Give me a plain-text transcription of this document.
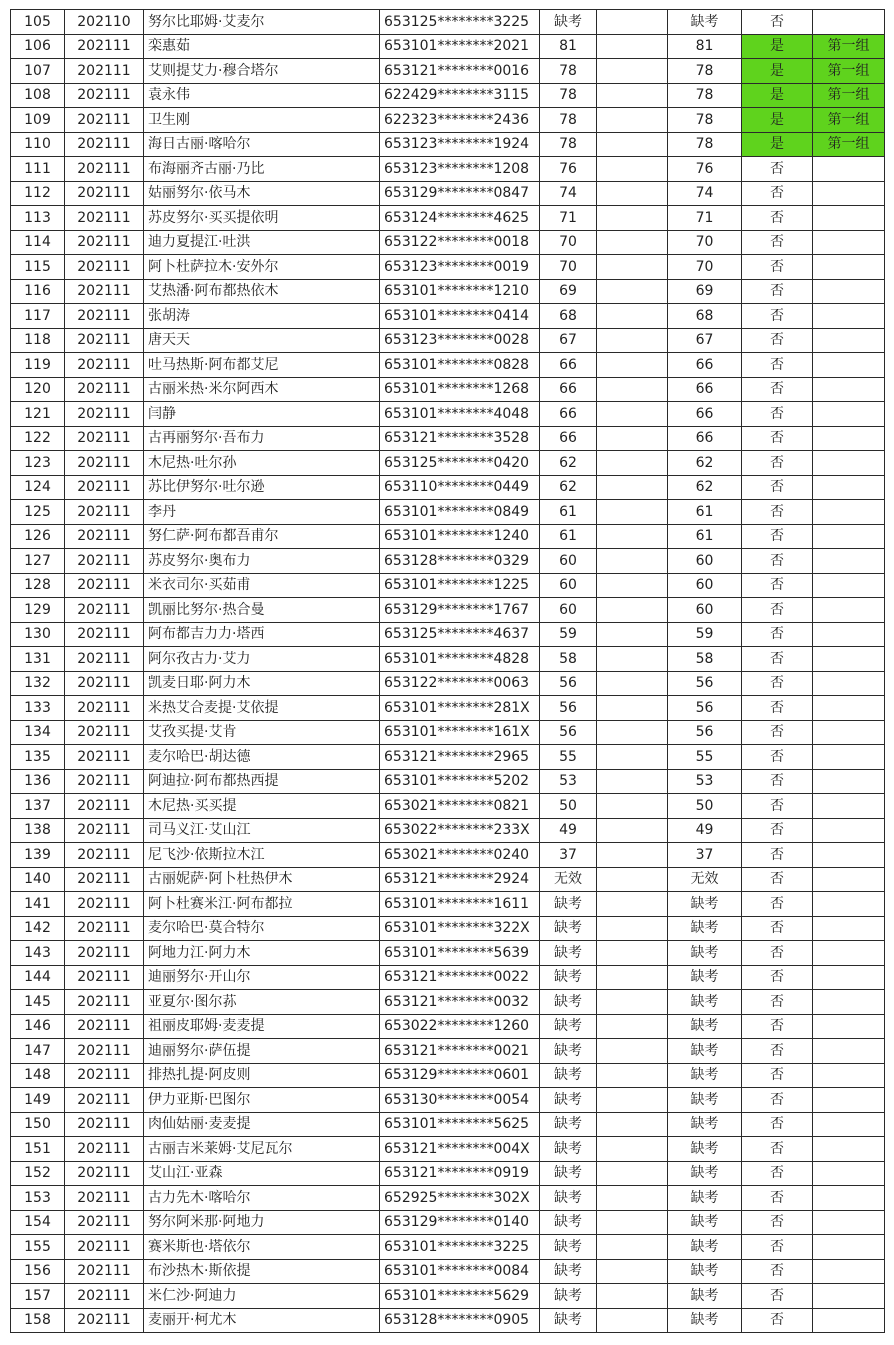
105	202110	努尔比耶姆·艾麦尔	653125********3225	缺考		缺考	否	
106	202111	栾惠茹	653101********2021	81		81	是	第一组
107	202111	艾则提艾力·穆合塔尔	653121********0016	78		78	是	第一组
108	202111	袁永伟	622429********3115	78		78	是	第一组
109	202111	卫生刚	622323********2436	78		78	是	第一组
110	202111	海日古丽·喀哈尔	653123********1924	78		78	是	第一组
111	202111	布海丽齐古丽·乃比	653123********1208	76		76	否	
112	202111	姑丽努尔·依马木	653129********0847	74		74	否	
113	202111	苏皮努尔·买买提依明	653124********4625	71		71	否	
114	202111	迪力夏提江·吐洪	653122********0018	70		70	否	
115	202111	阿卜杜萨拉木·安外尔	653123********0019	70		70	否	
116	202111	艾热潘·阿布都热依木	653101********1210	69		69	否	
117	202111	张胡涛	653101********0414	68		68	否	
118	202111	唐天天	653123********0028	67		67	否	
119	202111	吐马热斯·阿布都艾尼	653101********0828	66		66	否	
120	202111	古丽米热·米尔阿西木	653101********1268	66		66	否	
121	202111	闫静	653101********4048	66		66	否	
122	202111	古再丽努尔·吾布力	653121********3528	66		66	否	
123	202111	木尼热·吐尔孙	653125********0420	62		62	否	
124	202111	苏比伊努尔·吐尔逊	653110********0449	62		62	否	
125	202111	李丹	653101********0849	61		61	否	
126	202111	努仁萨·阿布都吾甫尔	653101********1240	61		61	否	
127	202111	苏皮努尔·奥布力	653128********0329	60		60	否	
128	202111	米衣司尔·买茹甫	653101********1225	60		60	否	
129	202111	凯丽比努尔·热合曼	653129********1767	60		60	否	
130	202111	阿布都吉力力·塔西	653125********4637	59		59	否	
131	202111	阿尔孜古力·艾力	653101********4828	58		58	否	
132	202111	凯麦日耶·阿力木	653122********0063	56		56	否	
133	202111	米热艾合麦提·艾依提	653101********281X	56		56	否	
134	202111	艾孜买提·艾肯	653101********161X	56		56	否	
135	202111	麦尔哈巴·胡达德	653121********2965	55		55	否	
136	202111	阿迪拉·阿布都热西提	653101********5202	53		53	否	
137	202111	木尼热·买买提	653021********0821	50		50	否	
138	202111	司马义江·艾山江	653022********233X	49		49	否	
139	202111	尼飞沙·依斯拉木江	653021********0240	37		37	否	
140	202111	古丽妮萨·阿卜杜热伊木	653121********2924	无效		无效	否	
141	202111	阿卜杜赛米江·阿布都拉	653101********1611	缺考		缺考	否	
142	202111	麦尔哈巴·莫合特尔	653101********322X	缺考		缺考	否	
143	202111	阿地力江·阿力木	653101********5639	缺考		缺考	否	
144	202111	迪丽努尔·开山尔	653121********0022	缺考		缺考	否	
145	202111	亚夏尔·图尔荪	653121********0032	缺考		缺考	否	
146	202111	祖丽皮耶姆·麦麦提	653022********1260	缺考		缺考	否	
147	202111	迪丽努尔·萨伍提	653121********0021	缺考		缺考	否	
148	202111	排热扎提·阿皮则	653129********0601	缺考		缺考	否	
149	202111	伊力亚斯·巴图尔	653130********0054	缺考		缺考	否	
150	202111	肉仙姑丽·麦麦提	653101********5625	缺考		缺考	否	
151	202111	古丽吉米莱姆·艾尼瓦尔	653121********004X	缺考		缺考	否	
152	202111	艾山江·亚森	653121********0919	缺考		缺考	否	
153	202111	古力先木·喀哈尔	652925********302X	缺考		缺考	否	
154	202111	努尔阿米那·阿地力	653129********0140	缺考		缺考	否	
155	202111	赛米斯也·塔依尔	653101********3225	缺考		缺考	否	
156	202111	布沙热木·斯依提	653101********0084	缺考		缺考	否	
157	202111	米仁沙·阿迪力	653101********5629	缺考		缺考	否	
158	202111	麦丽开·柯尤木	653128********0905	缺考		缺考	否	
